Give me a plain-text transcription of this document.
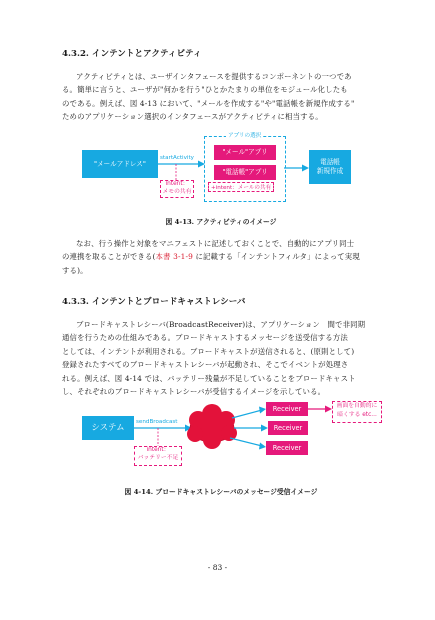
4.3.2. インテントとアクティビティ
アクティビティとは、ユーザインタフェースを提供するコンポーネントの一つであ
る。簡単に言うと、ユーザが"何かを行う"ひとかたまりの単位をモジュール化したも
のである。例えば、図 4-13 において、"メールを作成する"や"電話帳を新規作成する"
ためのアプリケーション選択のインタフェースがアクティビティに相当する。
startActivity
"メールアドレス"
アプリの選択
"メール"アプリ
"電話帳"アプリ
+intent：メールの共有
intent：
メモの共有
電話帳
新規作成
図 4-13. アクティビティのイメージ
なお、行う操作と対象をマニフェストに記述しておくことで、自動的にアプリ同士
の連携を取ることができる(本書 3-1-9 に記載する「インテントフィルタ」によって実現
する)。
4.3.3. インテントとブロードキャストレシーバ
ブロードキャストレシーバ(BroadcastReceiver)は、アプリケーション　間で非同期
通信を行うための仕組みである。ブロードキャストするメッセージを送受信する方法
としては、インテントが利用される。ブロードキャストが送信されると、(原則として)
登録されたすべてのブロードキャストレシーバが起動され、そこでイベントが処理さ
れる。例えば、図 4-14 では、バッテリー残量が不足していることをブロードキャスト
し、それぞれのブロードキャストレシーバが受信するイメージを示している。
システム
sendBroadcast
intent：
バッテリー不足
Receiver
Receiver
Receiver
画面を自動的に
暗くする etc...
図 4-14. ブロードキャストレシーバのメッセージ受信イメージ
- 83 -
